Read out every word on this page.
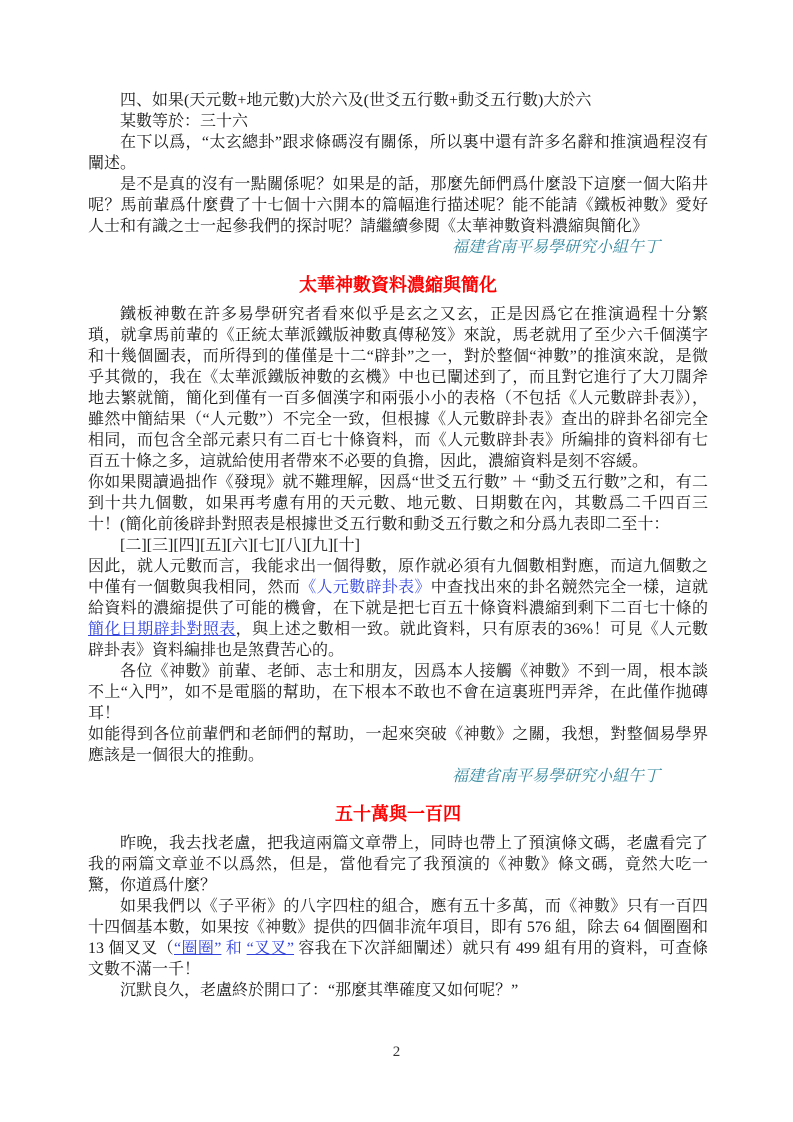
四、如果(天元數+地元數)大於六及(世爻五行數+動爻五行數)大於六

某數等於：三十六

在下以爲，“太玄總卦”跟求條碼沒有關係，所以裏中還有許多名辭和推演過程沒有闡述。

是不是真的沒有一點關係呢？如果是的話，那麼先師們爲什麼設下這麼一個大陷井呢？馬前輩爲什麼費了十七個十六開本的篇幅進行描述呢？能不能請《鐵板神數》愛好人士和有識之士一起參我們的探討呢？請繼續參閱《太華神數資料濃縮與簡化》

福建省南平易學研究小組午丁

太華神數資料濃縮與簡化

鐵板神數在許多易學研究者看來似乎是玄之又玄，正是因爲它在推演過程十分繁瑣，就拿馬前輩的《正統太華派鐵版神數真傳秘笈》來說，馬老就用了至少六千個漢字和十幾個圖表，而所得到的僅僅是十二“辟卦”之一，對於整個“神數”的推演來說，是微乎其微的，我在《太華派鐵版神數的玄機》中也已闡述到了，而且對它進行了大刀闊斧地去繁就簡，簡化到僅有一百多個漢字和兩張小小的表格（不包括《人元數辟卦表》），雖然中簡結果（“人元數”）不完全一致，但根據《人元數辟卦表》查出的辟卦名卻完全相同，而包含全部元素只有二百七十條資料，而《人元數辟卦表》所編排的資料卻有七百五十條之多，這就給使用者帶來不必要的負擔，因此，濃縮資料是刻不容緩。

你如果閱讀過拙作《發現》就不難理解，因爲“世爻五行數” ＋ “動爻五行數”之和，有二到十共九個數，如果再考慮有用的天元數、地元數、日期數在內，其數爲二千四百三十！(簡化前後辟卦對照表是根據世爻五行數和動爻五行數之和分爲九表即二至十：

[二][三][四][五][六][七][八][九][十]

因此，就人元數而言，我能求出一個得數，原作就必須有九個數相對應，而這九個數之中僅有一個數與我相同，然而《人元數辟卦表》中查找出來的卦名競然完全一樣，這就給資料的濃縮提供了可能的機會，在下就是把七百五十條資料濃縮到剩下二百七十條的簡化日期辟卦對照表，與上述之數相一致。就此資料，只有原表的36%！可見《人元數辟卦表》資料編排也是煞費苦心的。

各位《神數》前輩、老師、志士和朋友，因爲本人接觸《神數》不到一周，根本談不上“入門”，如不是電腦的幫助，在下根本不敢也不會在這裏班門弄斧，在此僅作拋磚耳！

如能得到各位前輩們和老師們的幫助，一起來突破《神數》之關，我想，對整個易學界應該是一個很大的推動。

福建省南平易學研究小組午丁

五十萬與一百四

昨晚，我去找老盧，把我這兩篇文章帶上，同時也帶上了預演條文碼，老盧看完了我的兩篇文章並不以爲然，但是，當他看完了我預演的《神數》條文碼，竟然大吃一驚，你道爲什麼？

如果我們以《子平術》的八字四柱的組合，應有五十多萬，而《神數》只有一百四十四個基本數，如果按《神數》提供的四個非流年項目，即有 576 組，除去 64 個圈圈和 13 個叉叉（“圈圈” 和 “叉叉” 容我在下次詳細闡述）就只有 499 組有用的資料，可查條文數不滿一千！

沉默良久，老盧終於開口了：“那麼其準確度又如何呢？”

2
